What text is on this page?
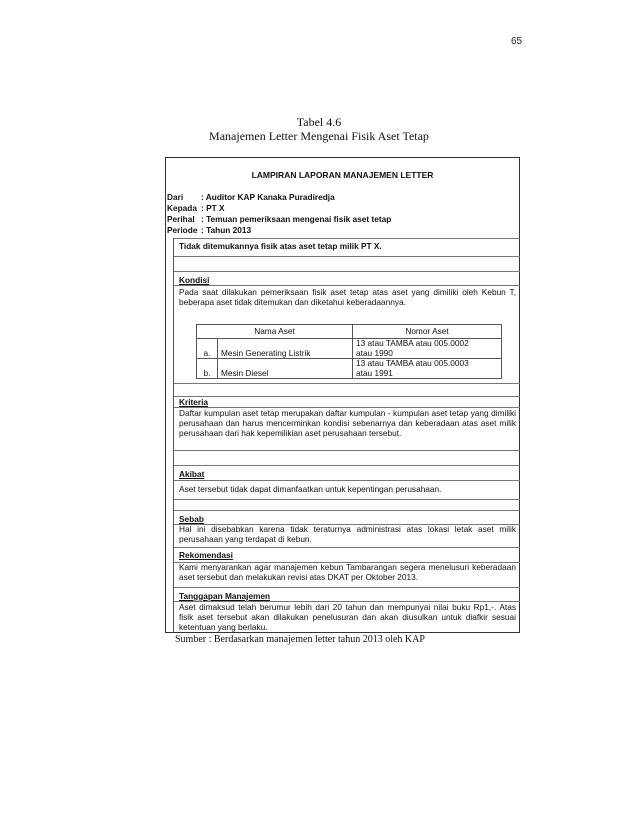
65
Tabel 4.6
Manajemen Letter Mengenai Fisik Aset Tetap
LAMPIRAN LAPORAN MANAJEMEN LETTER
Dari : Auditor KAP Kanaka Puradiredja
Kepada : PT X
Perihal : Temuan pemeriksaan mengenai fisik aset tetap
Periode : Tahun 2013
Tidak ditemukannya fisik atas aset tetap milik PT X.
Kondisi
Pada saat dilakukan pemeriksaan fisik aset tetap atas aset yang dimiliki oleh Kebun T, beberapa aset tidak ditemukan dan diketahui keberadaannya.
Nama Aset		Nomor Aset
a.	Mesin Generating Listrik	13 atau TAMBA atau 005.0002
atau 1990

b.	Mesin Diesel	13 atau TAMBA atau 005.0003
atau 1991
Kriteria
Daftar kumpulan aset tetap merupakan daftar kumpulan - kumpulan aset tetap yang dimiliki perusahaan dan harus mencerminkan kondisi sebenarnya dan keberadaan atas aset milik perusahaan dari hak kepemilikian aset perusahaan tersebut.
Akibat
Aset tersebut tidak dapat dimanfaatkan untuk kepentingan perusahaan.
Sebab
Hal ini disebabkan karena tidak teraturnya administrasi atas lokasi letak aset milik perusahaan yang terdapat di kebun.
Rekomendasi
Kami menyarankan agar manajemen kebun Tambarangan segera menelusuri keberadaan aset tersebut dan melakukan revisi atas DKAT per Oktober 2013.
Tanggapan Manajemen
Aset dimaksud telah berumur lebih dari 20 tahun dan mempunyai nilai buku Rp1,-. Atas fisik aset tersebut akan dilakukan penelusuran dan akan diusulkan untuk diafkir sesuai ketentuan yang berlaku.
Sumber : Berdasarkan manajemen letter tahun 2013 oleh KAP
